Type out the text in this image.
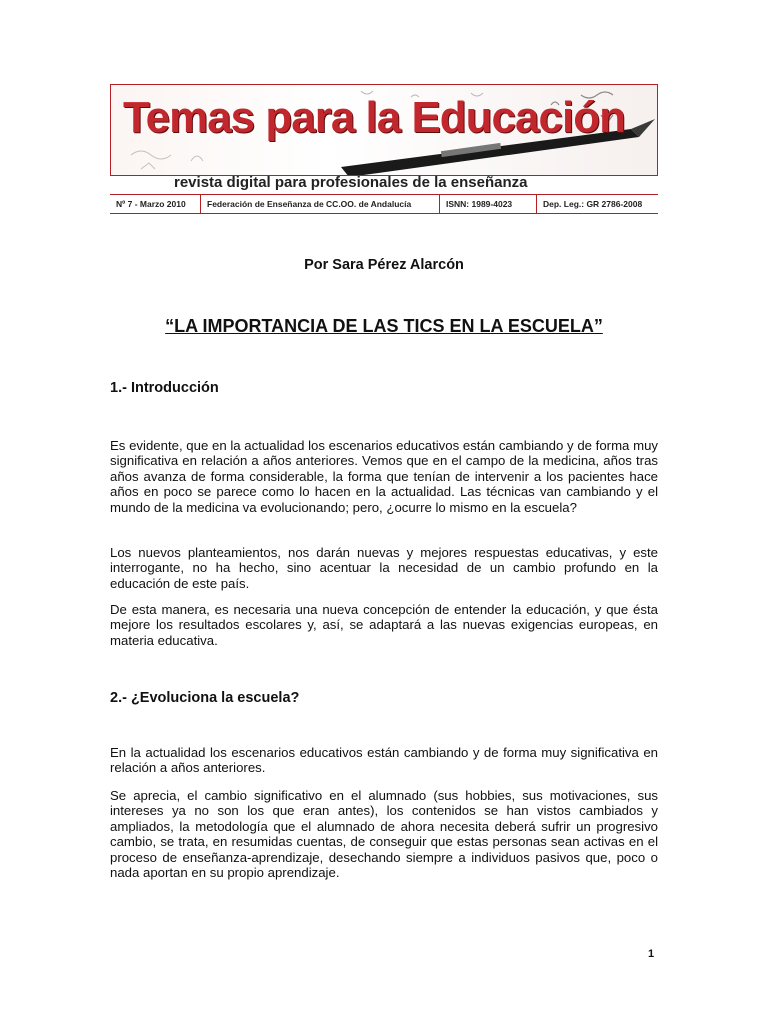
Temas para la Educación
revista digital para profesionales de la enseñanza
Nº 7 - Marzo 2010	Federación de Enseñanza de CC.OO. de Andalucía	ISNN: 1989-4023	Dep. Leg.: GR 2786-2008
Por Sara Pérez Alarcón
“LA IMPORTANCIA DE LAS TICS EN LA ESCUELA”
1.- Introducción
Es evidente, que en la actualidad los escenarios educativos están cambiando y de forma muy significativa en relación a años anteriores. Vemos que en el campo de la medicina, años tras años avanza de forma considerable, la forma que tenían de intervenir a los pacientes hace años en poco se parece como lo hacen en la actualidad. Las técnicas van cambiando y el mundo de la medicina va evolucionando; pero, ¿ocurre lo mismo en la escuela?
Los nuevos planteamientos, nos darán nuevas y mejores respuestas educativas, y este interrogante, no ha hecho, sino acentuar la necesidad de un cambio profundo en la educación de este país.
De esta manera, es necesaria una nueva concepción de entender la educación, y que ésta mejore los resultados escolares y, así, se adaptará a las nuevas exigencias europeas, en materia educativa.
2.- ¿Evoluciona la escuela?
En la actualidad los escenarios educativos están cambiando y de forma muy significativa en relación a años anteriores.
Se aprecia, el cambio significativo en el alumnado (sus hobbies, sus motivaciones, sus intereses ya no son los que eran antes), los contenidos se han vistos cambiados y ampliados, la metodología que el alumnado de ahora necesita deberá sufrir un progresivo cambio, se trata, en resumidas cuentas, de conseguir que estas personas sean activas en el proceso de enseñanza-aprendizaje, desechando siempre a individuos pasivos que, poco o nada aportan en su propio aprendizaje.
1
